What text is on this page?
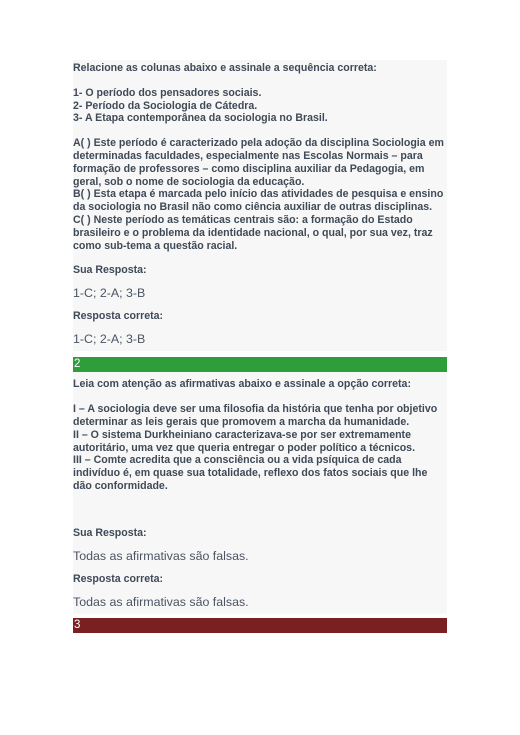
Relacione as colunas abaixo e assinale a sequência correta:

1- O período dos pensadores sociais.
2- Período da Sociologia de Cátedra.
3- A Etapa contemporânea da sociologia no Brasil.

A( ) Este período é caracterizado pela adoção da disciplina Sociologia em
determinadas faculdades, especialmente nas Escolas Normais – para
formação de professores – como disciplina auxiliar da Pedagogia, em
geral, sob o nome de sociologia da educação.
B( ) Esta etapa é marcada pelo início das atividades de pesquisa e ensino
da sociologia no Brasil não como ciência auxiliar de outras disciplinas.
C( ) Neste período as temáticas centrais são: a formação do Estado
brasileiro e o problema da identidade nacional, o qual, por sua vez, traz
como sub-tema a questão racial.

Sua Resposta:

1-C; 2-A; 3-B

Resposta correta:

1-C; 2-A; 3-B

2

Leia com atenção as afirmativas abaixo e assinale a opção correta:

I – A sociologia deve ser uma filosofia da história que tenha por objetivo
determinar as leis gerais que promovem a marcha da humanidade.
II – O sistema Durkheiniano caracterizava-se por ser extremamente
autoritário, uma vez que queria entregar o poder político a técnicos.
III – Comte acredita que a consciência ou a vida psíquica de cada
indivíduo é, em quase sua totalidade, reflexo dos fatos sociais que lhe
dão conformidade.

Sua Resposta:

Todas as afirmativas são falsas.

Resposta correta:

Todas as afirmativas são falsas.

3
